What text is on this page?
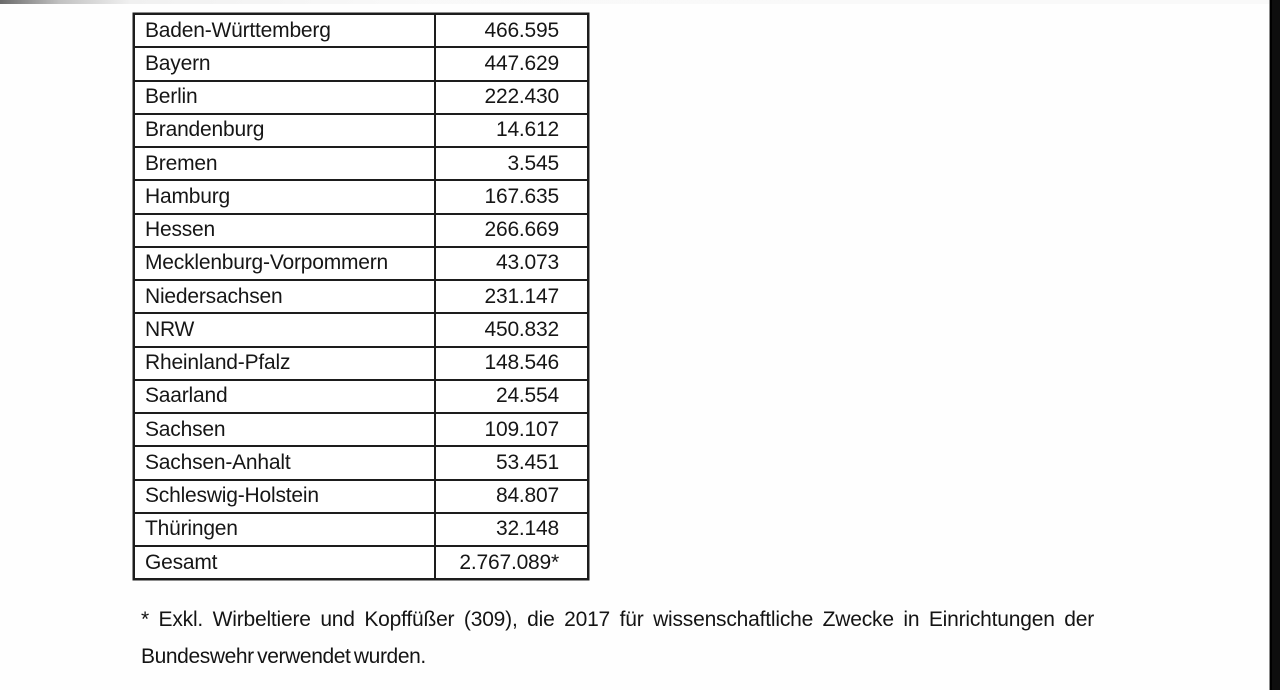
Baden-Württemberg	466.595
Bayern	447.629
Berlin	222.430
Brandenburg	14.612
Bremen	3.545
Hamburg	167.635
Hessen	266.669
Mecklenburg-Vorpommern	43.073
Niedersachsen	231.147
NRW	450.832
Rheinland-Pfalz	148.546
Saarland	24.554
Sachsen	109.107
Sachsen-Anhalt	53.451
Schleswig-Holstein	84.807
Thüringen	32.148
Gesamt	2.767.089*
* Exkl. Wirbeltiere und Kopffüßer (309), die 2017 für wissenschaftliche Zwecke in Einrichtungen der
Bundeswehr verwendet wurden.
